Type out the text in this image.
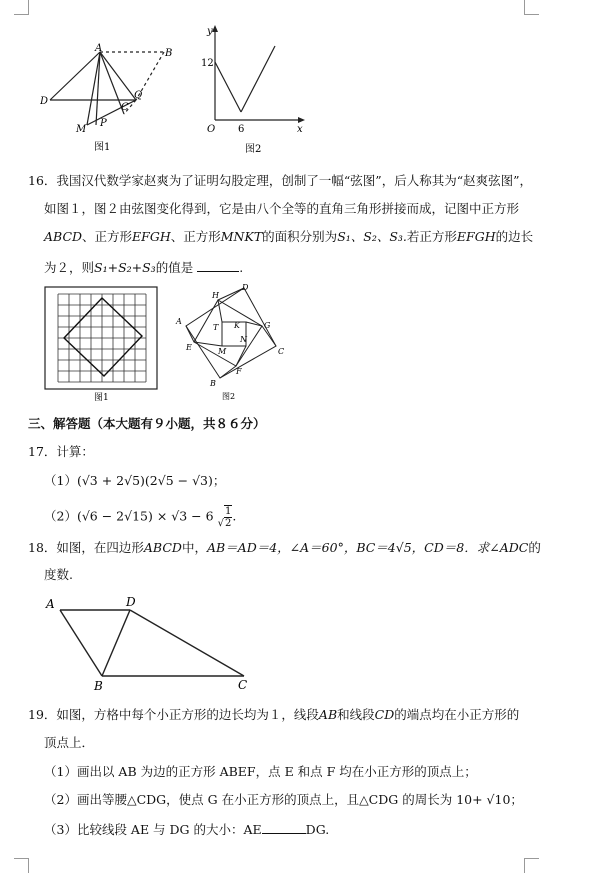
A	B
D
C
Q
M
P
图1
y
x
O
12
6
图2
16．我国汉代数学家赵爽为了证明勾股定理，创制了一幅“弦图”，后人称其为“赵爽弦图”，
如图１，图２由弦图变化得到，它是由八个全等的直角三角形拼接而成，记图中正方形
ABCD、正方形EFGH、正方形MNKT的面积分别为S₁、S₂、S₃.若正方形EFGH的边长
为２，则S₁+S₂+S₃的值是	.
图1
H
D
A
T K	G
E	M
N
C
F
B
图2
三、解答题（本大题有９小题，共８６分）
17．计算：
（1）(√3 + 2√5)(2√5 − √3)；
（2）(√6 − 2√15) × √3 − 6 √ $\frac{1}{2}$ .
18．如图，在四边形ABCD中，AB＝AD＝4，∠A＝60°，BC＝4√5，CD＝8．求∠ADC的
度数.
A	D
B	C
19．如图，方格中每个小正方形的边长均为１，线段AB和线段CD的端点均在小正方形的
顶点上．
（1）画出以 AB 为边的正方形 ABEF，点 E 和点 F 均在小正方形的顶点上；
（2）画出等腰△CDG，使点 G 在小正方形的顶点上，且△CDG 的周长为 10+ √10；
（3）比较线段 AE 与 DG 的大小：AE	DG.
